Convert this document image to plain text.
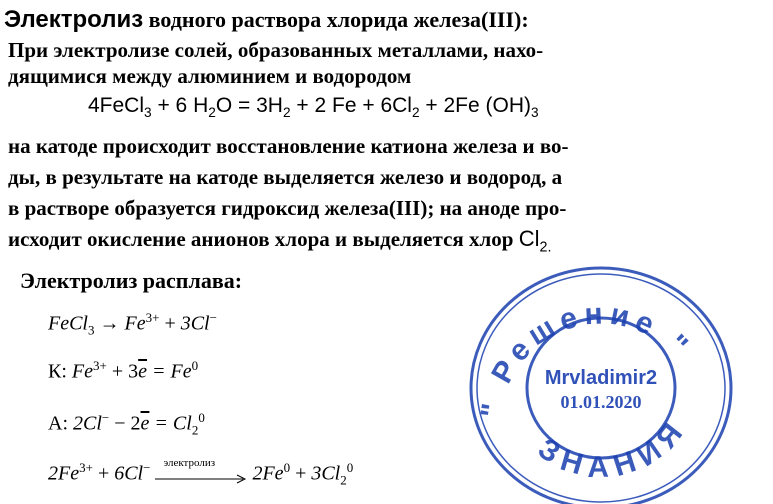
Электролиз водного раствора хлорида железа(III):
При электролизе солей, образованных металлами, нахо-
дящимися между алюминием и водородом
4FeCl$_3$ + 6 $H_2O = 3H_2 + 2$ $Fe + 6Cl_2 + 2Fe$ $(OH)_3$
на катоде происходит восстановление катиона железа и во-
ды, в результате на катоде выделяется железо и водород, а
в растворе образуется гидроксид железа(III); на аноде про-
исходит окисление анионов хлора и выделяется хлор $Cl_{2.}$
Электролиз расплава:
FeCl$_3$ → $Fe^{3+} + 3Cl^-$
К: $Fe^{3+} + 3\overline{e} = Fe^0$
А: $2Cl^- - 2\overline{e} = Cl_2^0$
$2Fe^{3+} + 6Cl^-$ электролиз $2Fe^0 + 3Cl_2^0$
" Решение "
ЗНАНИЯ
Mrvladimir2
01.01.2020
